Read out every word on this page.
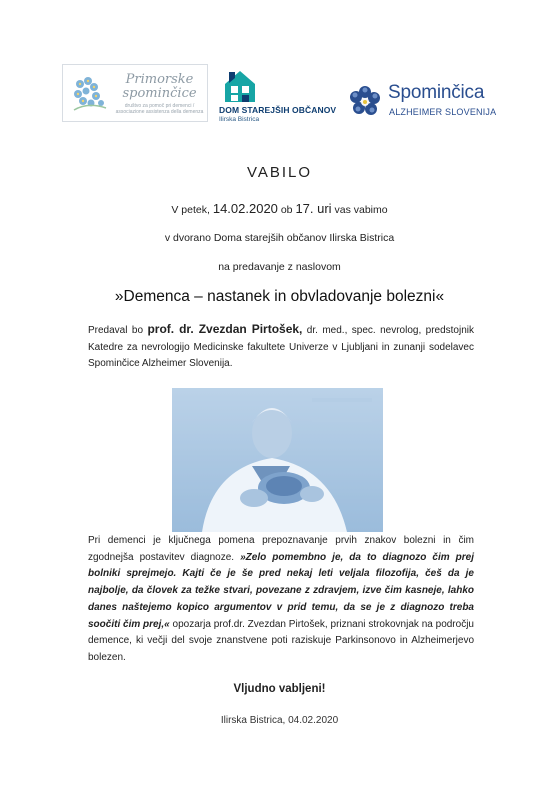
Primorske
spominčice
društvo za pomoč pri demenci / associazione assistenza della demenza	DOM STAREJŠIH OBČANOV
Ilirska Bistrica
Spominčica
ALZHEIMER SLOVENIJA
VABILO
V petek, 14.02.2020 ob 17. uri vas vabimo
v dvorano Doma starejših občanov Ilirska Bistrica
na predavanje z naslovom
»Demenca – nastanek in obvladovanje bolezni«
Predaval bo prof. dr. Zvezdan Pirtošek, dr. med., spec. nevrolog, predstojnik Katedre za nevrologijo Medicinske fakultete Univerze v Ljubljani in zunanji sodelavec Spominčice Alzheimer Slovenija.
Pri demenci je ključnega pomena prepoznavanje prvih znakov bolezni in čim zgodnejša postavitev diagnoze. »Zelo pomembno je, da to diagnozo čim prej bolniki sprejmejo. Kajti če je še pred nekaj leti veljala filozofija, češ da je najbolje, da človek za težke stvari, povezane z zdravjem, izve čim kasneje, lahko danes naštejemo kopico argumentov v prid temu, da se je z diagnozo treba soočiti čim prej,« opozarja prof.dr. Zvezdan Pirtošek, priznani strokovnjak na področju demence, ki večji del svoje znanstvene poti raziskuje Parkinsonovo in Alzheimerjevo bolezen.
Vljudno vabljeni!
Ilirska Bistrica, 04.02.2020
